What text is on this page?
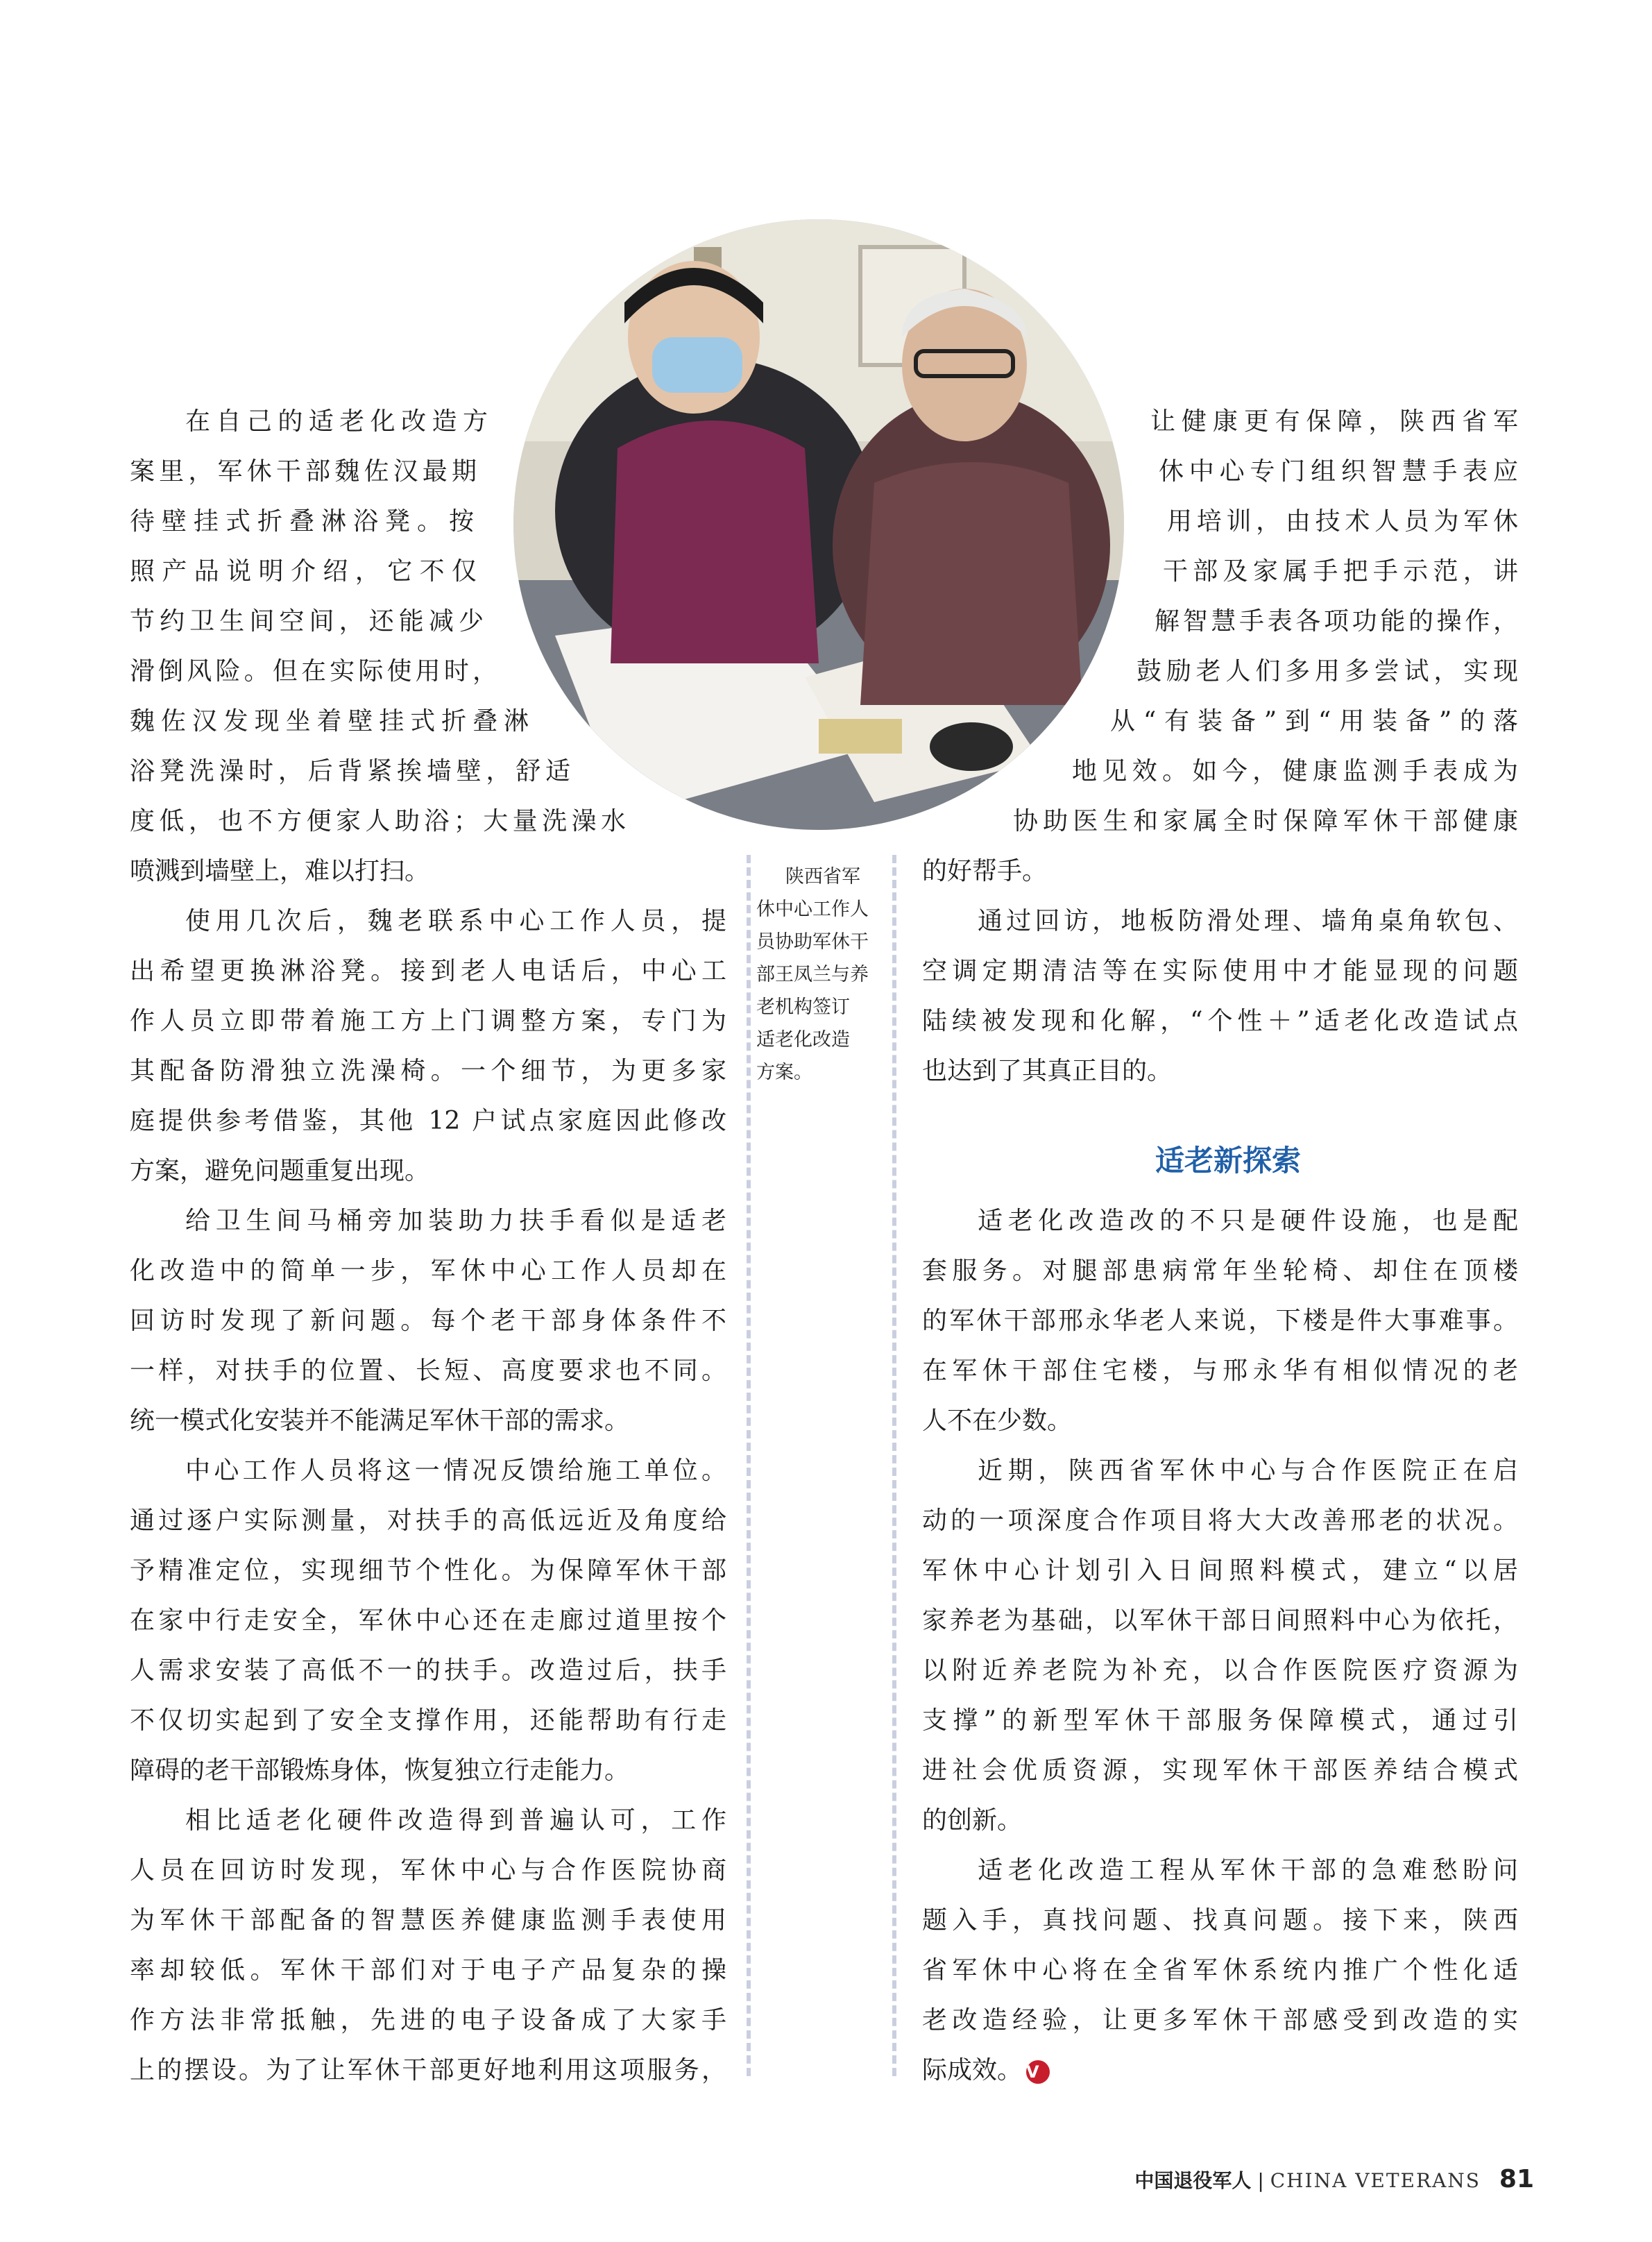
在自己的适老化改造方
案里，军休干部魏佐汉最期
待壁挂式折叠淋浴凳。按
照产品说明介绍，它不仅
节约卫生间空间，还能减少
滑倒风险。但在实际使用时，
魏佐汉发现坐着壁挂式折叠淋
浴凳洗澡时，后背紧挨墙壁，舒适
度低，也不方便家人助浴；大量洗澡水
喷溅到墙壁上，难以打扫。
使用几次后，魏老联系中心工作人员，提
出希望更换淋浴凳。接到老人电话后，中心工
作人员立即带着施工方上门调整方案，专门为
其配备防滑独立洗澡椅。一个细节，为更多家
庭提供参考借鉴，其他 12 户试点家庭因此修改
方案，避免问题重复出现。
给卫生间马桶旁加装助力扶手看似是适老
化改造中的简单一步，军休中心工作人员却在
回访时发现了新问题。每个老干部身体条件不
一样，对扶手的位置、长短、高度要求也不同。
统一模式化安装并不能满足军休干部的需求。
中心工作人员将这一情况反馈给施工单位。
通过逐户实际测量，对扶手的高低远近及角度给
予精准定位，实现细节个性化。为保障军休干部
在家中行走安全，军休中心还在走廊过道里按个
人需求安装了高低不一的扶手。改造过后，扶手
不仅切实起到了安全支撑作用，还能帮助有行走
障碍的老干部锻炼身体，恢复独立行走能力。
相比适老化硬件改造得到普遍认可，工作
人员在回访时发现，军休中心与合作医院协商
为军休干部配备的智慧医养健康监测手表使用
率却较低。军休干部们对于电子产品复杂的操
作方法非常抵触，先进的电子设备成了大家手
上的摆设。为了让军休干部更好地利用这项服务，
陕西省军
休中心工作人
员协助军休干
部王凤兰与养
老机构签订
适老化改造
方案。
让健康更有保障，陕西省军
休中心专门组织智慧手表应
用培训，由技术人员为军休
干部及家属手把手示范，讲
解智慧手表各项功能的操作，
鼓励老人们多用多尝试，实现
从“有装备”到“用装备”的落
地见效。如今，健康监测手表成为
协助医生和家属全时保障军休干部健康
的好帮手。
通过回访，地板防滑处理、墙角桌角软包、
空调定期清洁等在实际使用中才能显现的问题
陆续被发现和化解，“个性＋”适老化改造试点
也达到了其真正目的。
适老新探索
适老化改造改的不只是硬件设施，也是配
套服务。对腿部患病常年坐轮椅、却住在顶楼
的军休干部邢永华老人来说，下楼是件大事难事。
在军休干部住宅楼，与邢永华有相似情况的老
人不在少数。
近期，陕西省军休中心与合作医院正在启
动的一项深度合作项目将大大改善邢老的状况。
军休中心计划引入日间照料模式，建立“以居
家养老为基础，以军休干部日间照料中心为依托，
以附近养老院为补充，以合作医院医疗资源为
支撑”的新型军休干部服务保障模式，通过引
进社会优质资源，实现军休干部医养结合模式
的创新。
适老化改造工程从军休干部的急难愁盼问
题入手，真找问题、找真问题。接下来，陕西
省军休中心将在全省军休系统内推广个性化适
老改造经验，让更多军休干部感受到改造的实
际成效。 V
中国退役军人 | CHINA VETERANS 81
